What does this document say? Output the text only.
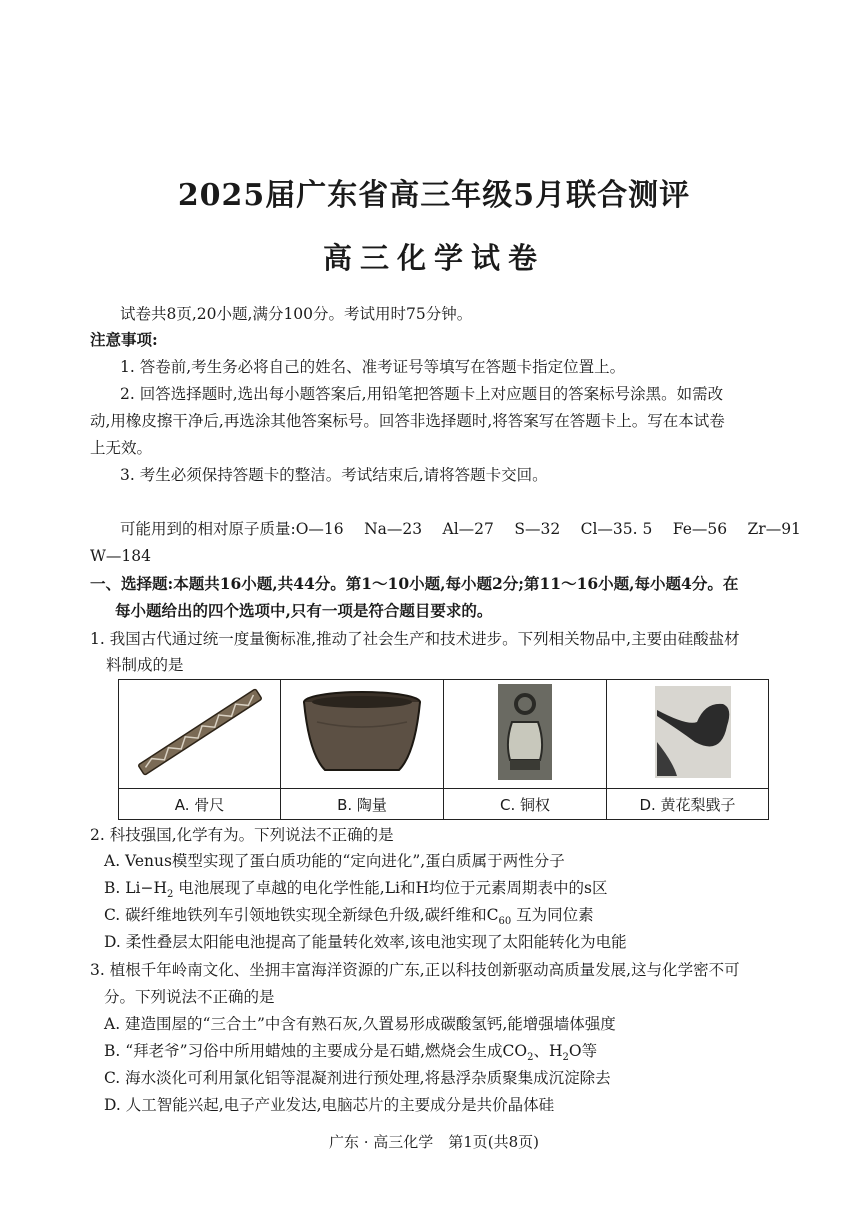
2025届广东省高三年级5月联合测评
高三化学试卷
试卷共8页,20小题,满分100分。考试用时75分钟。
注意事项:
1. 答卷前,考生务必将自己的姓名、准考证号等填写在答题卡指定位置上。
2. 回答选择题时,选出每小题答案后,用铅笔把答题卡上对应题目的答案标号涂黑。如需改
动,用橡皮擦干净后,再选涂其他答案标号。回答非选择题时,将答案写在答题卡上。写在本试卷
上无效。
3. 考生必须保持答题卡的整洁。考试结束后,请将答题卡交回。
可能用到的相对原子质量:O—16　 Na—23　 Al—27　 S—32　 Cl—35. 5　 Fe—56　 Zr—91
W—184
一、选择题:本题共16小题,共44分。第1～10小题,每小题2分;第11～16小题,每小题4分。在
每小题给出的四个选项中,只有一项是符合题目要求的。
1. 我国古代通过统一度量衡标准,推动了社会生产和技术进步。下列相关物品中,主要由硅酸盐材
料制成的是

A. 骨尺	B. 陶量	C. 铜权	D. 黄花梨戥子
2. 科技强国,化学有为。下列说法不正确的是
A. Venus模型实现了蛋白质功能的“定向进化”,蛋白质属于两性分子
B. $Li-H_2$ 电池展现了卓越的电化学性能,Li和H均位于元素周期表中的s区
C. 碳纤维地铁列车引领地铁实现全新绿色升级,碳纤维和$C_{60}$ 互为同位素
D. 柔性叠层太阳能电池提高了能量转化效率,该电池实现了太阳能转化为电能
3. 植根千年岭南文化、坐拥丰富海洋资源的广东,正以科技创新驱动高质量发展,这与化学密不可
分。下列说法不正确的是
A. 建造围屋的“三合土”中含有熟石灰,久置易形成碳酸氢钙,能增强墙体强度
B. “拜老爷”习俗中所用蜡烛的主要成分是石蜡,燃烧会生成$CO_2$、$H_2O$等
C. 海水淡化可利用氯化铝等混凝剂进行预处理,将悬浮杂质聚集成沉淀除去
D. 人工智能兴起,电子产业发达,电脑芯片的主要成分是共价晶体硅
广东 · 高三化学　第1页(共8页)
